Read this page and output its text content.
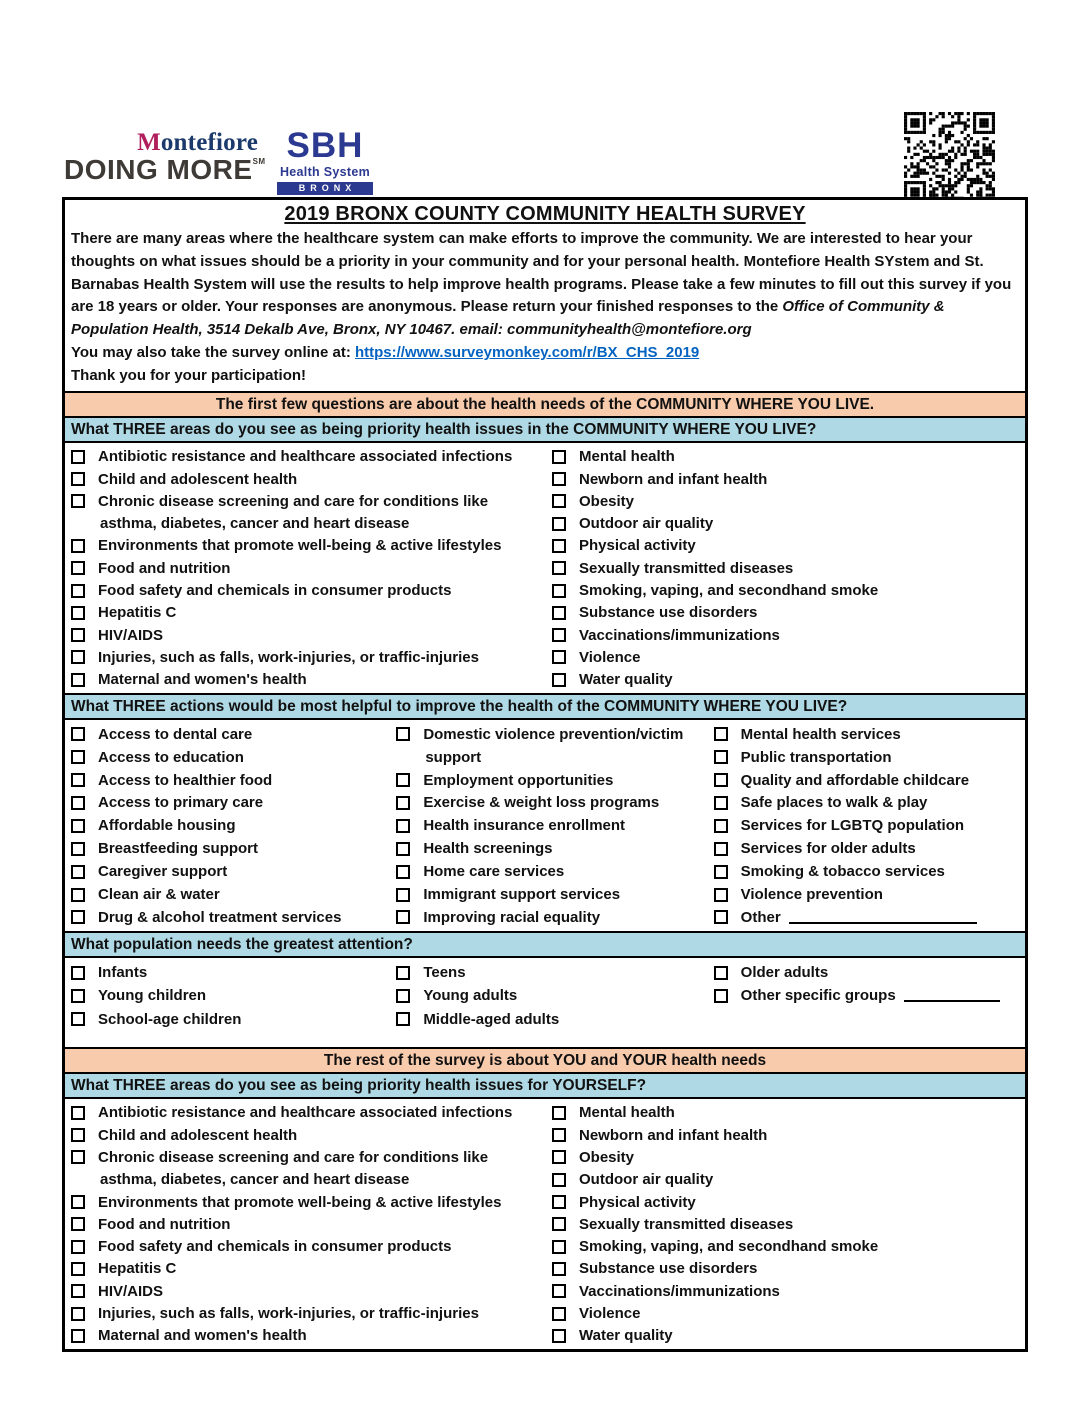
Montefiore
DOING MORE℠ SBH
Health System
BRONX
2019 BRONX COUNTY COMMUNITY HEALTH SURVEY
There are many areas where the healthcare system can make efforts to improve the community. We are interested to hear your thoughts on what issues should be a priority in your community and for your personal health. Montefiore Health SYstem and St. Barnabas Health System will use the results to help improve health programs. Please take a few minutes to fill out this survey if you are 18 years or older. Your responses are anonymous. Please return your finished responses to the Office of Community & Population Health, 3514 Dekalb Ave, Bronx, NY 10467. email: communityhealth@montefiore.org
You may also take the survey online at: https://www.surveymonkey.com/r/BX_CHS_2019
Thank you for your participation!
The first few questions are about the health needs of the COMMUNITY WHERE YOU LIVE.
What THREE areas do you see as being priority health issues in the COMMUNITY WHERE YOU LIVE?
Antibiotic resistance and healthcare associated infections
Child and adolescent health
Chronic disease screening and care for conditions like
asthma, diabetes, cancer and heart disease
Environments that promote well-being & active lifestyles
Food and nutrition
Food safety and chemicals in consumer products
Hepatitis C
HIV/AIDS
Injuries, such as falls, work-injuries, or traffic-injuries
Maternal and women's health
Mental health
Newborn and infant health
Obesity
Outdoor air quality
Physical activity
Sexually transmitted diseases
Smoking, vaping, and secondhand smoke
Substance use disorders
Vaccinations/immunizations
Violence
Water quality
What THREE actions would be most helpful to improve the health of the COMMUNITY WHERE YOU LIVE?
Access to dental care
Access to education
Access to healthier food
Access to primary care
Affordable housing
Breastfeeding support
Caregiver support
Clean air & water
Drug & alcohol treatment services
Domestic violence prevention/victim
support
Employment opportunities
Exercise & weight loss programs
Health insurance enrollment
Health screenings
Home care services
Immigrant support services
Improving racial equality
Mental health services
Public transportation
Quality and affordable childcare
Safe places to walk & play
Services for LGBTQ population
Services for older adults
Smoking & tobacco services
Violence prevention
Other
What population needs the greatest attention?
Infants
Young children
School-age children
Teens
Young adults
Middle-aged adults
Older adults
Other specific groups
The rest of the survey is about YOU and YOUR health needs
What THREE areas do you see as being priority health issues for YOURSELF?
Antibiotic resistance and healthcare associated infections
Child and adolescent health
Chronic disease screening and care for conditions like
asthma, diabetes, cancer and heart disease
Environments that promote well-being & active lifestyles
Food and nutrition
Food safety and chemicals in consumer products
Hepatitis C
HIV/AIDS
Injuries, such as falls, work-injuries, or traffic-injuries
Maternal and women's health
Mental health
Newborn and infant health
Obesity
Outdoor air quality
Physical activity
Sexually transmitted diseases
Smoking, vaping, and secondhand smoke
Substance use disorders
Vaccinations/immunizations
Violence
Water quality
